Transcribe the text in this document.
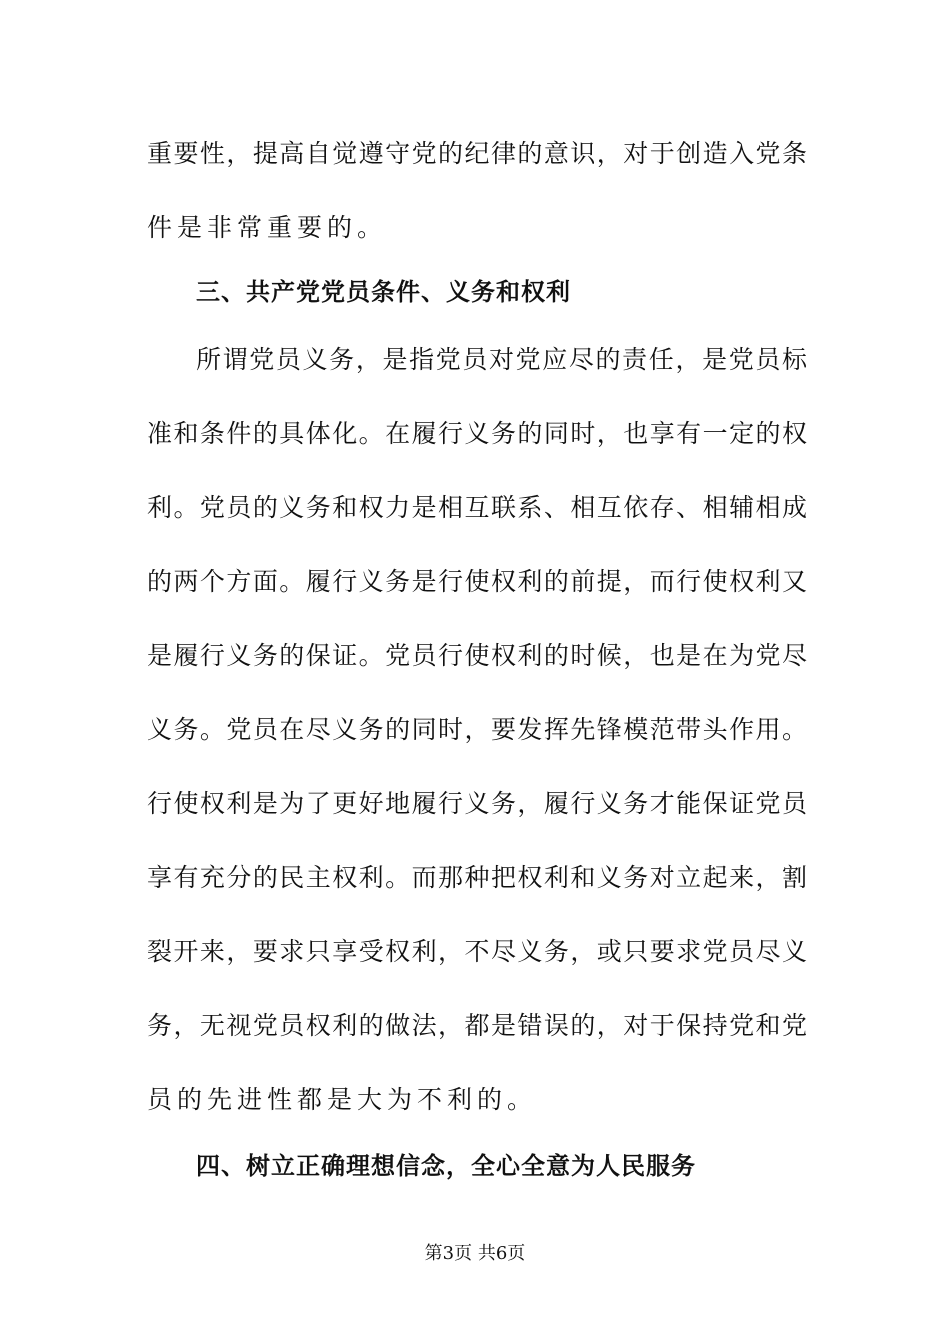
重要性，提高自觉遵守党的纪律的意识，对于创造入党条
件是非常重要的。
三、共产党党员条件、义务和权利
所谓党员义务，是指党员对党应尽的责任，是党员标
准和条件的具体化。在履行义务的同时，也享有一定的权
利。党员的义务和权力是相互联系、相互依存、相辅相成
的两个方面。履行义务是行使权利的前提，而行使权利又
是履行义务的保证。党员行使权利的时候，也是在为党尽
义务。党员在尽义务的同时，要发挥先锋模范带头作用。
行使权利是为了更好地履行义务，履行义务才能保证党员
享有充分的民主权利。而那种把权利和义务对立起来，割
裂开来，要求只享受权利，不尽义务，或只要求党员尽义
务，无视党员权利的做法，都是错误的，对于保持党和党
员的先进性都是大为不利的。
四、树立正确理想信念，全心全意为人民服务
第3页 共6页
